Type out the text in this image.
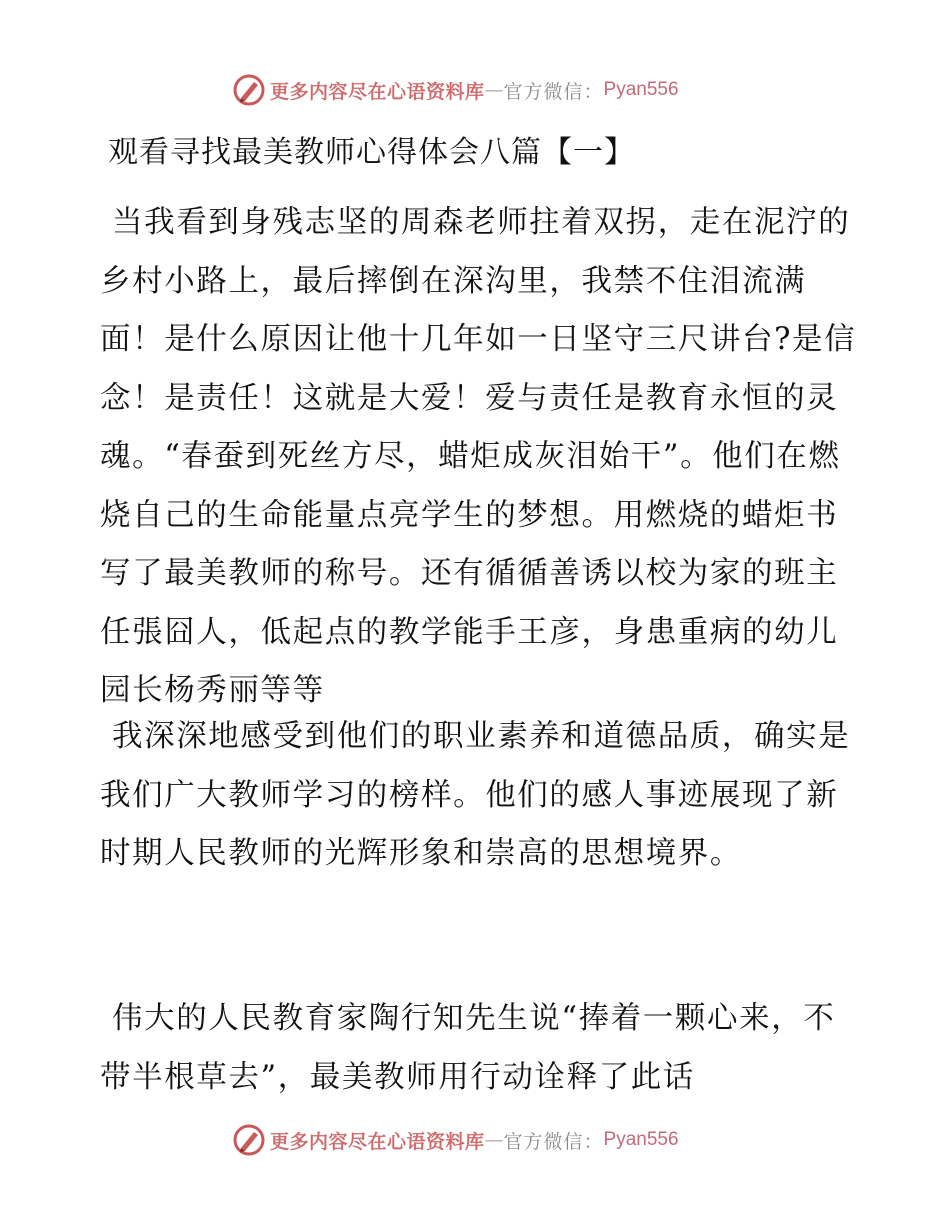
更多内容尽在心语资料库 — 官方微信： Pyan556
观看寻找最美教师心得体会八篇【一】

当我看到身残志坚的周森老师拄着双拐，走在泥泞的乡村小路上，最后摔倒在深沟里，我禁不住泪流满面！是什么原因让他十几年如一日坚守三尺讲台?是信念！是责任！这就是大爱！爱与责任是教育永恒的灵魂。“春蚕到死丝方尽，蜡炬成灰泪始干”。他们在燃烧自己的生命能量点亮学生的梦想。用燃烧的蜡炬书写了最美教师的称号。还有循循善诱以校为家的班主任張囧人，低起点的教学能手王彦，身患重病的幼儿园长杨秀丽等等

我深深地感受到他们的职业素养和道德品质，确实是我们广大教师学习的榜样。他们的感人事迹展现了新时期人民教师的光辉形象和崇高的思想境界。

伟大的人民教育家陶行知先生说“捧着一颗心来，不带半根草去”，最美教师用行动诠释了此话

更多内容尽在心语资料库 — 官方微信： Pyan556
